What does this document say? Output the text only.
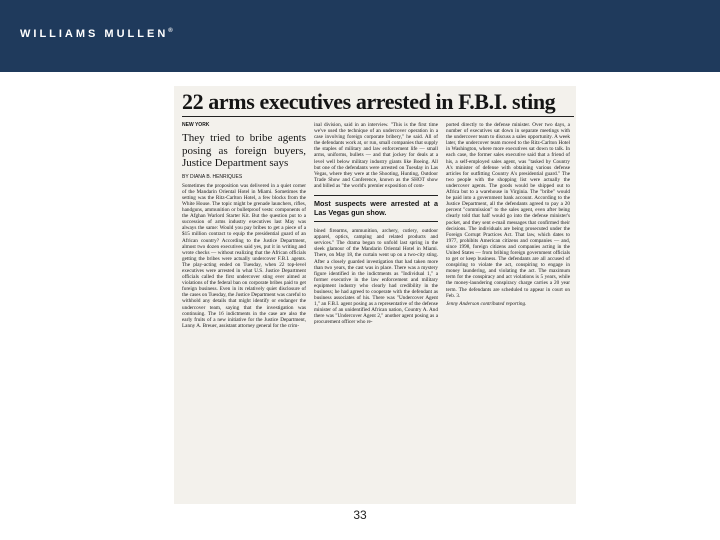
WILLIAMS MULLEN®
22 arms executives arrested in F.B.I. sting
NEW YORK
They tried to bribe agents posing as foreign buyers, Justice Department says
BY DIANA B. HENRIQUES
Sometimes the proposition was delivered in a quiet corner of the Mandarin Oriental Hotel in Miami. Sometimes the setting was the Ritz-Carlton Hotel, a few blocks from the White House. The topic might be grenade launchers, rifles, handguns, ammunition or bulletproof vests: components of the Afghan Warlord Starter Kit. But the question put to a succession of arms industry executives last May was always the same: Would you pay bribes to get a piece of a $15 million contract to equip the presidential guard of an African country? According to the Justice Department, almost two dozen executives said yes, put it in writing and wrote checks — without realizing that the African officials getting the bribes were actually undercover F.B.I. agents. The play-acting ended on Tuesday, when 22 top-level executives were arrested in what U.S. Justice Department officials called the first undercover sting ever aimed at violations of the federal ban on corporate bribes paid to get foreign business. Even in its relatively quiet disclosure of the cases on Tuesday, the Justice Department was careful to withhold any details that might identify or endanger the undercover team, saying that the investigation was continuing. The 16 indictments in the case are also the early fruits of a new initiative for the Justice Department, Lanny A. Breuer, assistant attorney general for the crim-
inal division, said in an interview. "This is the first time we've used the technique of an undercover operation in a case involving foreign corporate bribery," he said. All of the defendants work at, or run, small companies that supply the staples of military and law enforcement life — small arms, uniforms, bullets — and that jockey for deals at a level well below military industry giants like Boeing. All but one of the defendants were arrested on Tuesday in Las Vegas, where they were at the Shooting, Hunting, Outdoor Trade Show and Conference, known as the SHOT show and billed as "the world's premier exposition of com-
Most suspects were arrested at a Las Vegas gun show.
bined firearms, ammunition, archery, cutlery, outdoor apparel, optics, camping and related products and services." The drama began to unfold last spring in the sleek glamour of the Mandarin Oriental Hotel in Miami. There, on May 18, the curtain went up on a two-city sting. After a closely guarded investigation that had taken more than two years, the cast was in place. There was a mystery figure identified in the indictments as "Individual 1," a former executive in the law enforcement and military equipment industry who clearly had credibility in the business; he had agreed to cooperate with the defendant as business associates of his. There was "Undercover Agent 1," an F.B.I. agent posing as a representative of the defense minister of an unidentified African nation, Country A. And there was "Undercover Agent 2," another agent posing as a procurement officer who re-
ported directly to the defense minister. Over two days, a number of executives sat down in separate meetings with the undercover team to discuss a sales opportunity. A week later, the undercover team moved to the Ritz-Carlton Hotel in Washington, where more executives sat down to talk. In each case, the former sales executive said that a friend of his, a self-employed sales agent, was "tasked by Country A's minister of defense with obtaining various defense articles for outfitting Country A's presidential guard." The two people with the shopping list were actually the undercover agents. The goods would be shipped out to Africa but to a warehouse in Virginia. The "bribe" would be paid into a government bank account. According to the Justice Department, all the defendants agreed to pay a 20 percent "commission" to the sales agent, even after being clearly told that half would go into the defense minister's pocket, and they sent e-mail messages that confirmed their decisions. The individuals are being prosecuted under the Foreign Corrupt Practices Act. That law, which dates to 1977, prohibits American citizens and companies — and, since 1998, foreign citizens and companies acting in the United States — from bribing foreign government officials to get or keep business. The defendants are all accused of conspiring to violate the act, conspiring to engage in money laundering, and violating the act. The maximum term for the conspiracy and act violations is 5 years, while the money-laundering conspiracy charge carries a 20 year term. The defendants are scheduled to appear in court on Feb. 3.
Jenny Anderson contributed reporting.
33
